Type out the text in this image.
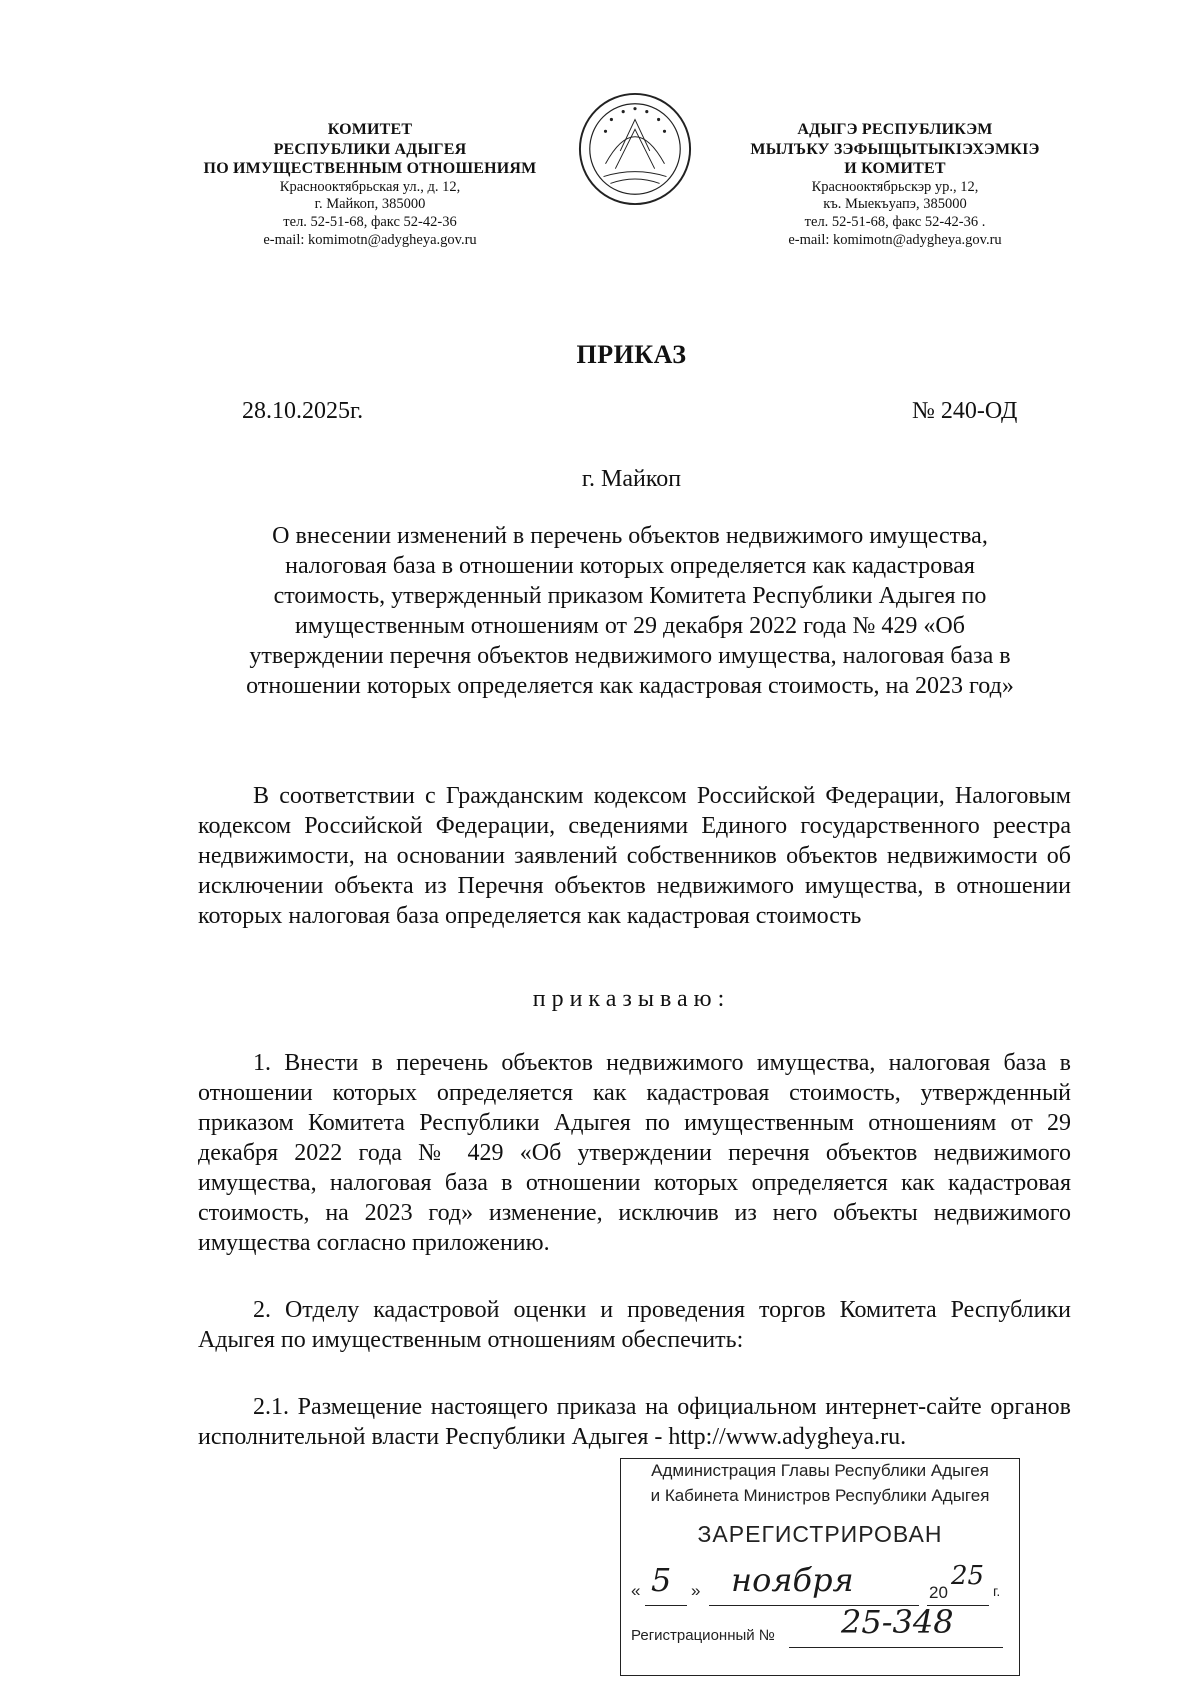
КОМИТЕТ
РЕСПУБЛИКИ АДЫГЕЯ
ПО ИМУЩЕСТВЕННЫМ ОТНОШЕНИЯМ
Краснооктябрьская ул., д. 12,
г. Майкоп, 385000
тел. 52-51-68, факс 52-42-36
e-mail: komimotn@adygheya.gov.ru
АДЫГЭ РЕСПУБЛИКЭМ
МЫЛЪКУ ЗЭФЫЩЫТЫКІЭХЭМКІЭ
И КОМИТЕТ
Краснооктябрьскэр ур., 12,
къ. Мыекъуапэ, 385000
тел. 52-51-68, факс 52-42-36 .
e-mail: komimotn@adygheya.gov.ru
ПРИКАЗ
28.10.2025г.	№ 240-ОД
г. Майкоп
О внесении изменений в перечень объектов недвижимого имущества,
налоговая база в отношении которых определяется как кадастровая
стоимость, утвержденный приказом Комитета Республики Адыгея по
имущественным отношениям от 29 декабря 2022 года № 429 «Об
утверждении перечня объектов недвижимого имущества, налоговая база в
отношении которых определяется как кадастровая стоимость, на 2023 год»
В соответствии с Гражданским кодексом Российской Федерации, Налоговым кодексом Российской Федерации, сведениями Единого государственного реестра недвижимости, на основании заявлений собственников объектов недвижимости об исключении объекта из Перечня объектов недвижимого имущества, в отношении которых налоговая база определяется как кадастровая стоимость
приказываю:
1. Внести в перечень объектов недвижимого имущества, налоговая база в отношении которых определяется как кадастровая стоимость, утвержденный приказом Комитета Республики Адыгея по имущественным отношениям от 29 декабря 2022 года № 429 «Об утверждении перечня объектов недвижимого имущества, налоговая база в отношении которых определяется как кадастровая стоимость, на 2023 год» изменение, исключив из него объекты недвижимого имущества согласно приложению.
2. Отделу кадастровой оценки и проведения торгов Комитета Республики Адыгея по имущественным отношениям обеспечить:
2.1. Размещение настоящего приказа на официальном интернет-сайте органов исполнительной власти Республики Адыгея - http://www.adygheya.ru.
Администрация Главы Республики Адыгея
и Кабинета Министров Республики Адыгея
ЗАРЕГИСТРИРОВАН
« 5 » ноября	20
25 г.
Регистрационный № 25-348
